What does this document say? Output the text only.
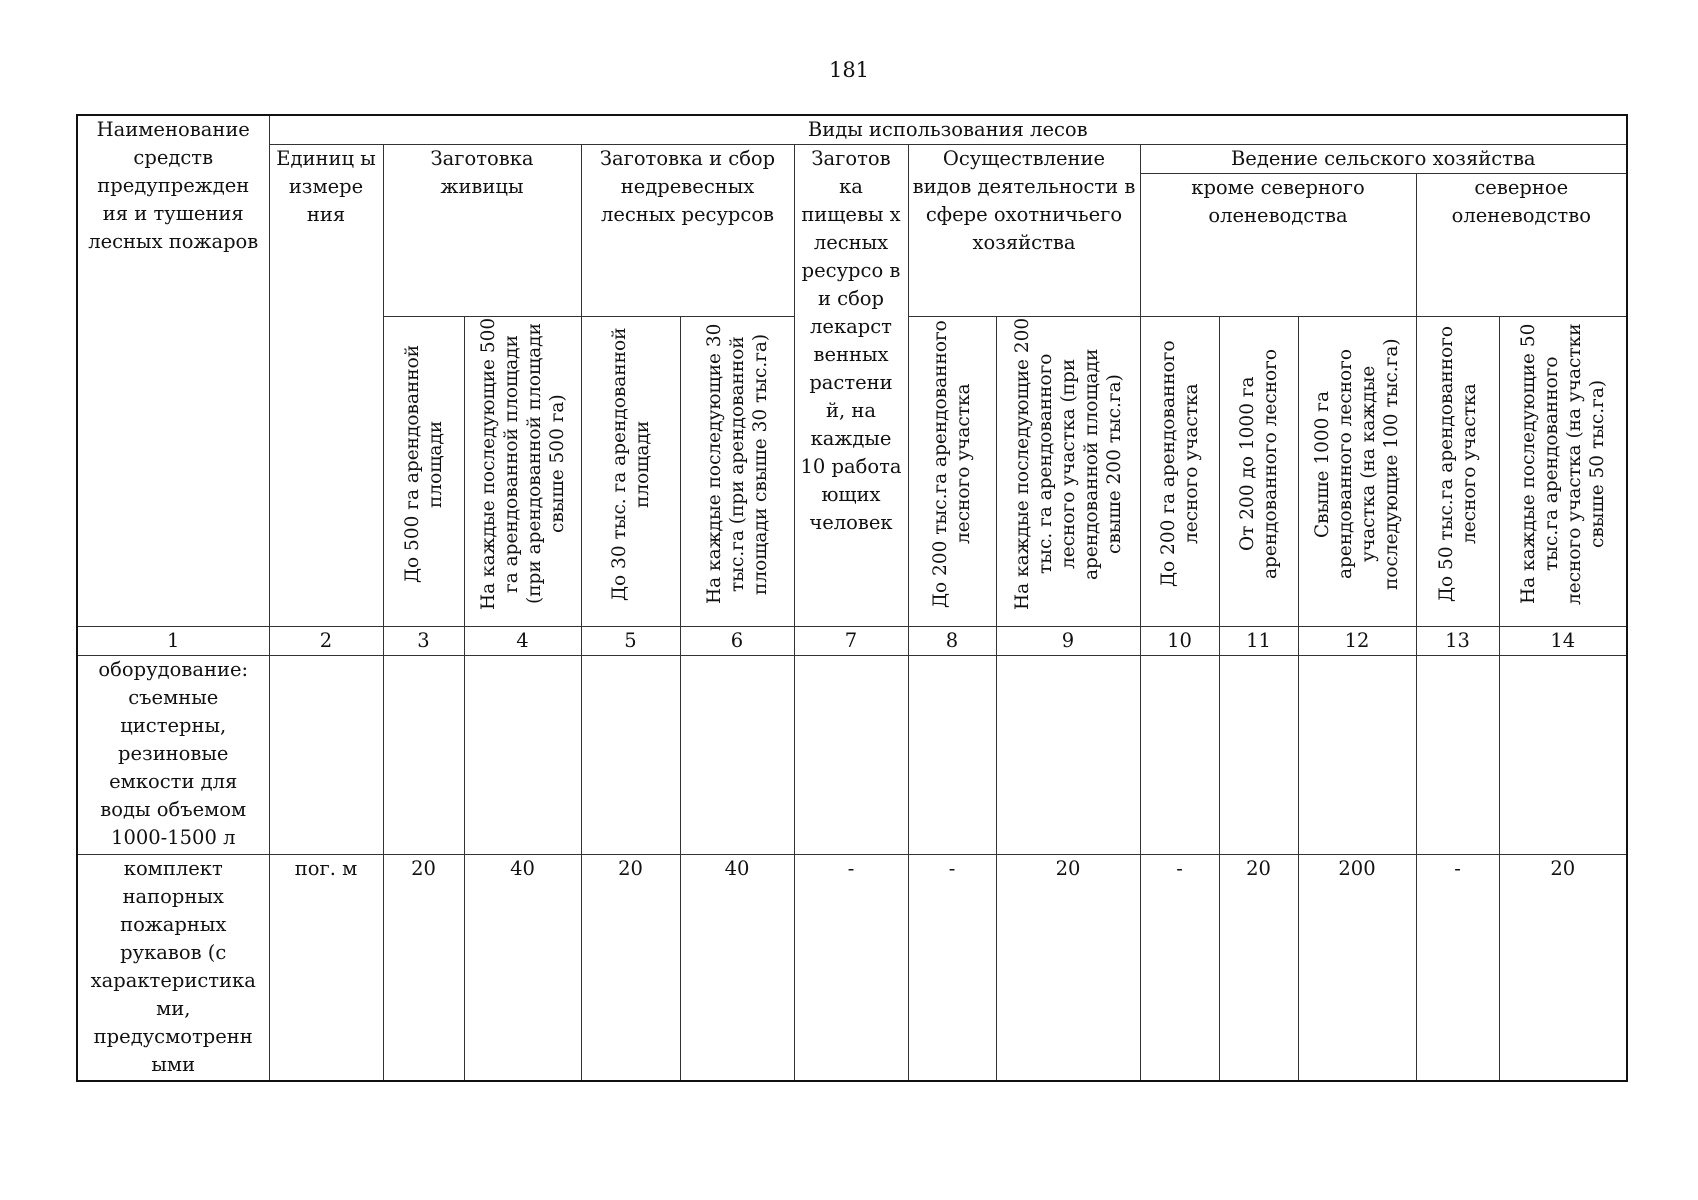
181
Наименование средств предупрежден ия и тушения лесных пожаров	Виды использования лесов												
	Единиц ы измере ния	Заготовка живицы		Заготовка и сбор недревесных лесных ресурсов		Заготов ка пищевы х лесных ресурсо в и сбор лекарст венных растени й, на каждые 10 работа ющих человек	Осуществление видов деятельности в сфере охотничьего хозяйства		Ведение сельского хозяйства				
									кроме северного оленеводства			северное оленеводство	

		До 500 га арендованной площади	На каждые последующие 500 га арендованной площади (при арендованной площади свыше 500 га)	До 30 тыс. га арендованной площади	На каждые последующие 30 тыс.га (при арендованной площади свыше 30 тыс.га)		До 200 тыс.га арендованного лесного участка	На каждые последующие 200 тыс. га арендованного лесного участка (при арендованной площади свыше 200 тыс.га)	До 200 га арендованного лесного участка	От 200 до 1000 га арендованного лесного	Свыше 1000 га арендованного лесного участка (на каждые последующие 100 тыс.га)	До 50 тыс.га арендованного лесного участка	На каждые последующие 50 тыс.га арендованного лесного участка (на участки свыше 50 тыс.га)

1	2	3	4	5	6	7	8	9	10	11	12	13	14
оборудование: съемные цистерны, резиновые емкости для воды объемом 1000-1500 л													
комплект напорных пожарных рукавов (с характеристика ми, предусмотренн ыми	пог. м	20	40	20	40	-	-	20	-	20	200	-	20
